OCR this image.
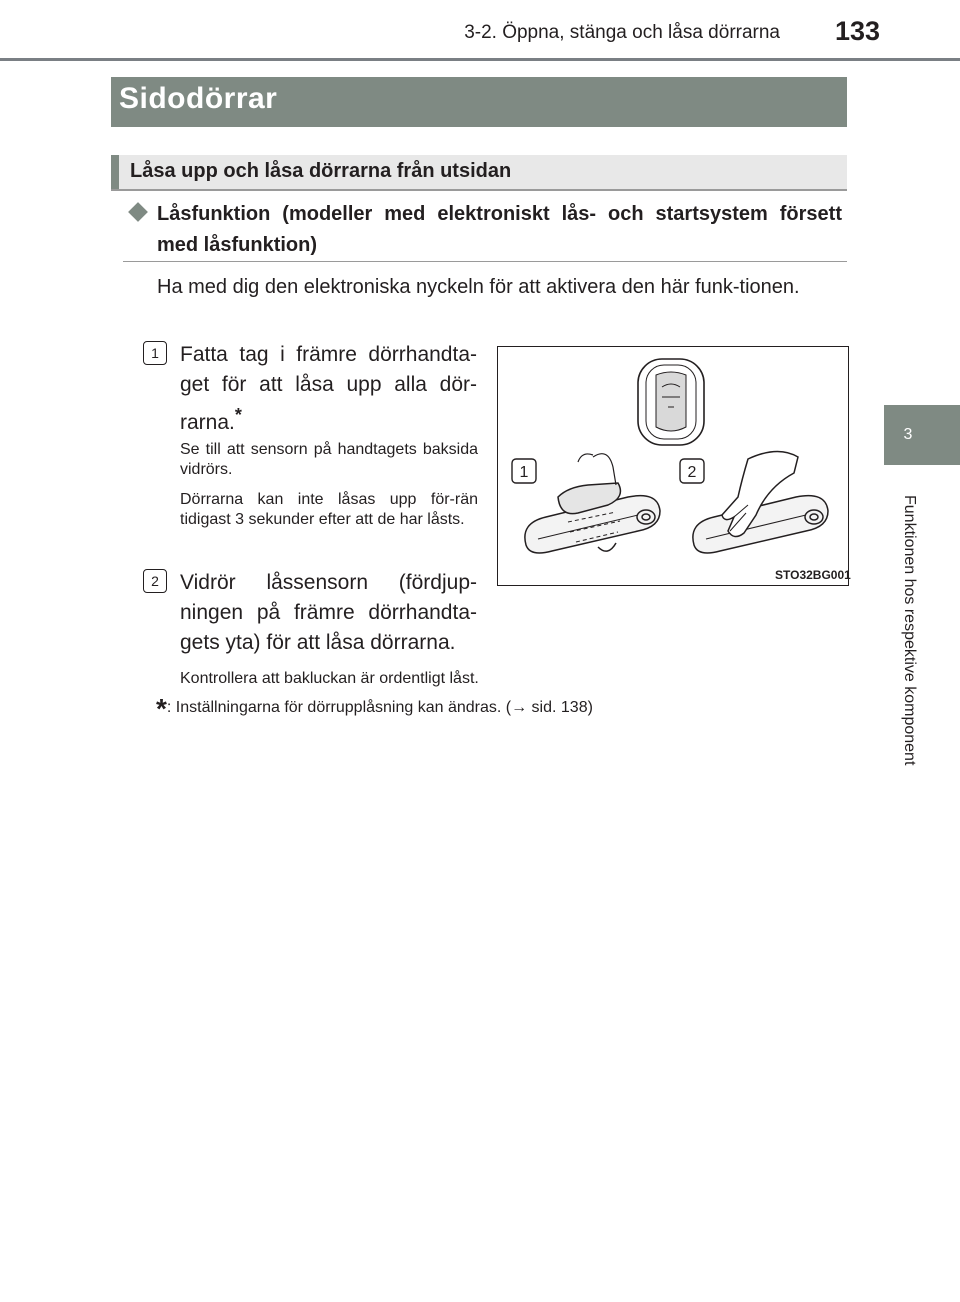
3-2. Öppna, stänga och låsa dörrarna	133
3
Funktionen hos respektive komponent
Sidodörrar
Låsa upp och låsa dörrarna från utsidan
Låsfunktion (modeller med elektroniskt lås- och startsystem försett med låsfunktion)
Ha med dig den elektroniska nyckeln för att aktivera den här funk-tionen.
1	Fatta tag i främre dörrhandta-get för att låsa upp alla dör-rarna.*
Se till att sensorn på handtagets baksida vidrörs.
Dörrarna kan inte låsas upp för-rän tidigast 3 sekunder efter att de har låsts.
2	Vidrör låssensorn (fördjup-ningen på främre dörrhandta-gets yta) för att låsa dörrarna.
Kontrollera att bakluckan är ordentligt låst.
*: Inställningarna för dörrupplåsning kan ändras. (→ sid. 138)
1	2
STO32BG001
